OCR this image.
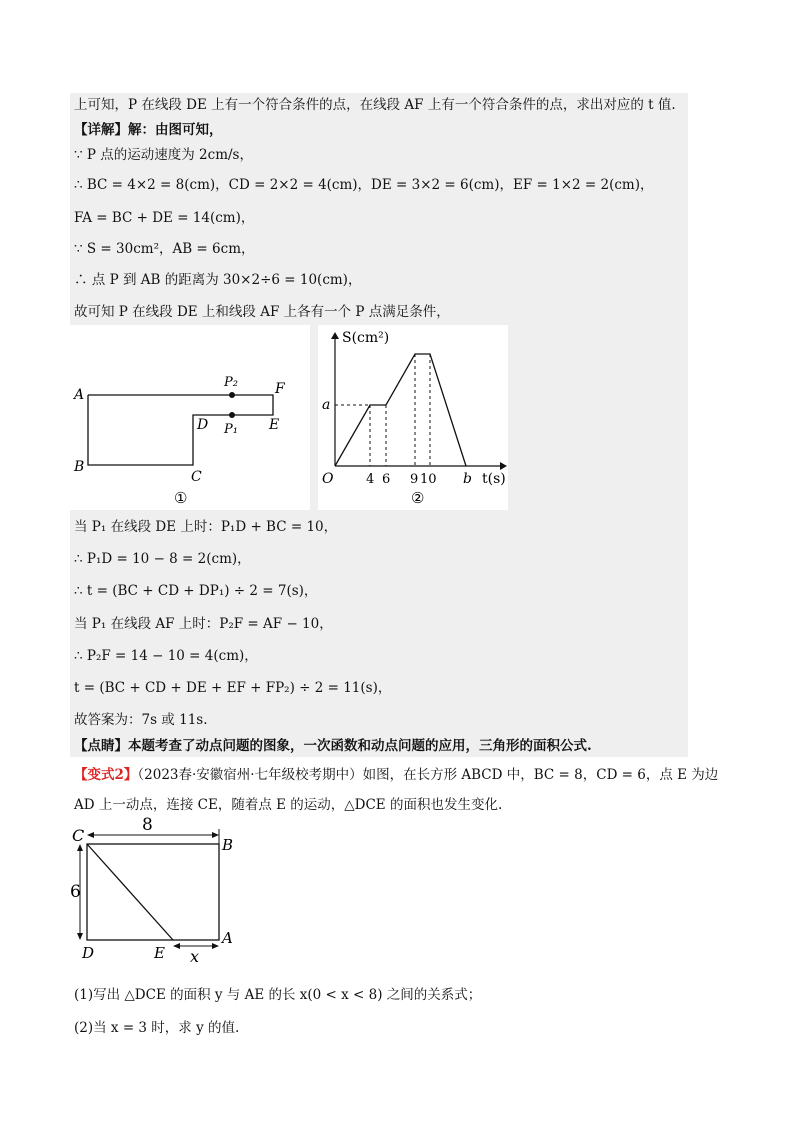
上可知，P 在线段 DE 上有一个符合条件的点，在线段 AF 上有一个符合条件的点，求出对应的 t 值.
【详解】解：由图可知，
∵ P 点的运动速度为 2cm/s，
∴ BC = 4×2 = 8(cm)，CD = 2×2 = 4(cm)，DE = 3×2 = 6(cm)，EF = 1×2 = 2(cm)，
FA = BC + DE = 14(cm)，
∵ S = 30cm²，AB = 6cm，
∴ 点 P 到 AB 的距离为 30×2÷6 = 10(cm)，
故可知 P 在线段 DE 上和线段 AF 上各有一个 P 点满足条件，
A
B
C
D	E
F
P₂
P₁
①
S(cm²)
t(s)
O
a
b
4 6 9 10
②
当 P₁ 在线段 DE 上时：P₁D + BC = 10，
∴ P₁D = 10 − 8 = 2(cm)，
∴ t = (BC + CD + DP₁) ÷ 2 = 7(s)，
当 P₁ 在线段 AF 上时：P₂F = AF − 10，
∴ P₂F = 14 − 10 = 4(cm)，
t = (BC + CD + DE + EF + FP₂) ÷ 2 = 11(s)，
故答案为：7s 或 11s.
【点睛】本题考查了动点问题的图象，一次函数和动点问题的应用，三角形的面积公式.
【变式2】（2023春·安徽宿州·七年级校考期中）如图，在长方形 ABCD 中，BC = 8，CD = 6，点 E 为边
AD 上一动点，连接 CE，随着点 E 的运动，△DCE 的面积也发生变化.
C	B
D	E
A
8
6
x
(1)写出 △DCE 的面积 y 与 AE 的长 x(0 < x < 8) 之间的关系式；
(2)当 x = 3 时，求 y 的值.
